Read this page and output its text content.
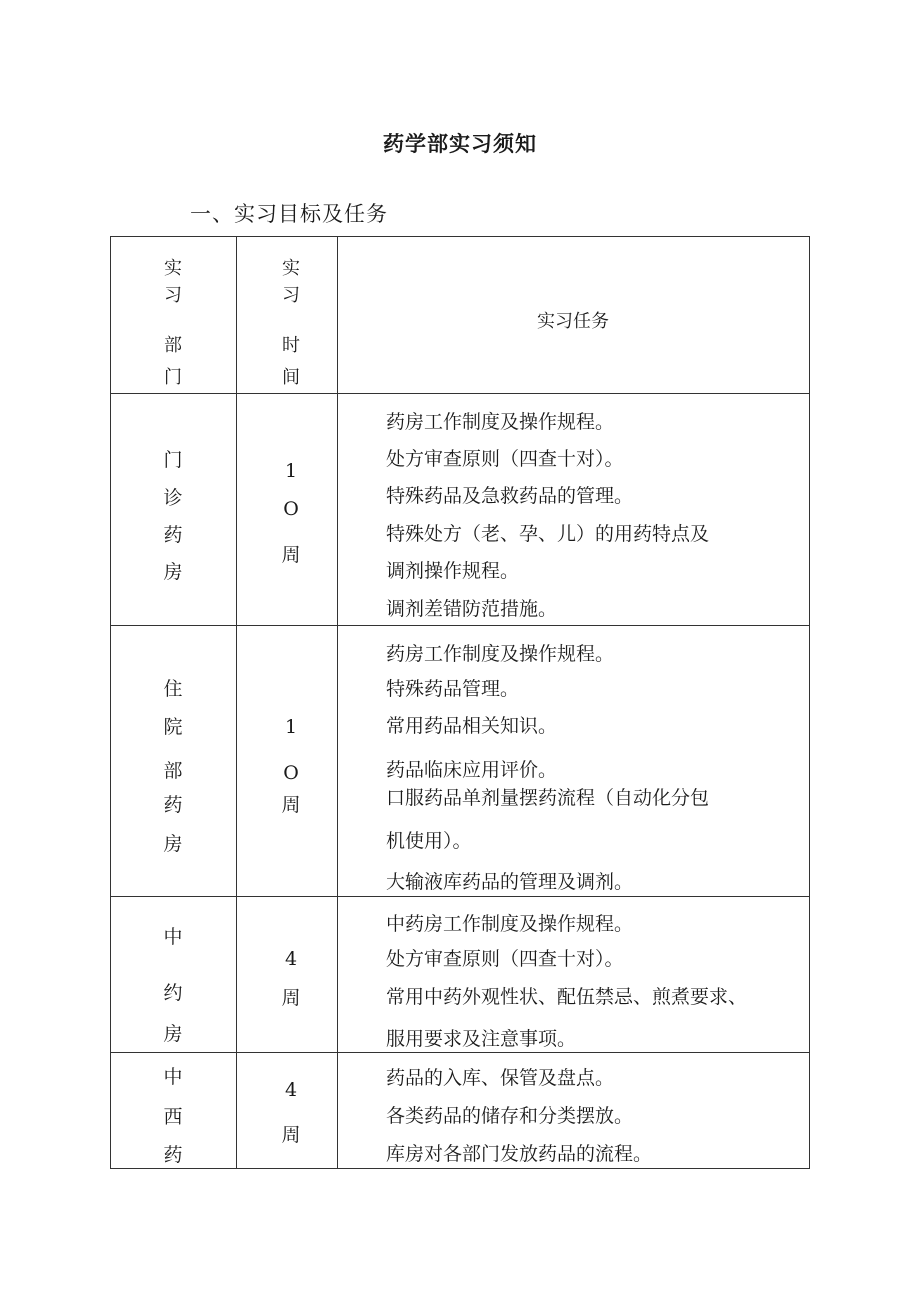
药学部实习须知
一、实习目标及任务
实
习
部
门
实
习
时
间
实习任务
门
诊
药
房
1
O
周
药房工作制度及操作规程。
处方审查原则（四查十对）。
特殊药品及急救药品的管理。
特殊处方（老、孕、儿）的用药特点及
调剂操作规程。
调剂差错防范措施。
住
院
部
药
房
1
O
周
药房工作制度及操作规程。
特殊药品管理。
常用药品相关知识。
药品临床应用评价。
口服药品单剂量摆药流程（自动化分包
机使用）。
大输液库药品的管理及调剂。
中
约
房
4
周
中药房工作制度及操作规程。
处方审查原则（四查十对）。
常用中药外观性状、配伍禁忌、煎煮要求、
服用要求及注意事项。
中
西
药
4
周
药品的入库、保管及盘点。
各类药品的储存和分类摆放。
库房对各部门发放药品的流程。
